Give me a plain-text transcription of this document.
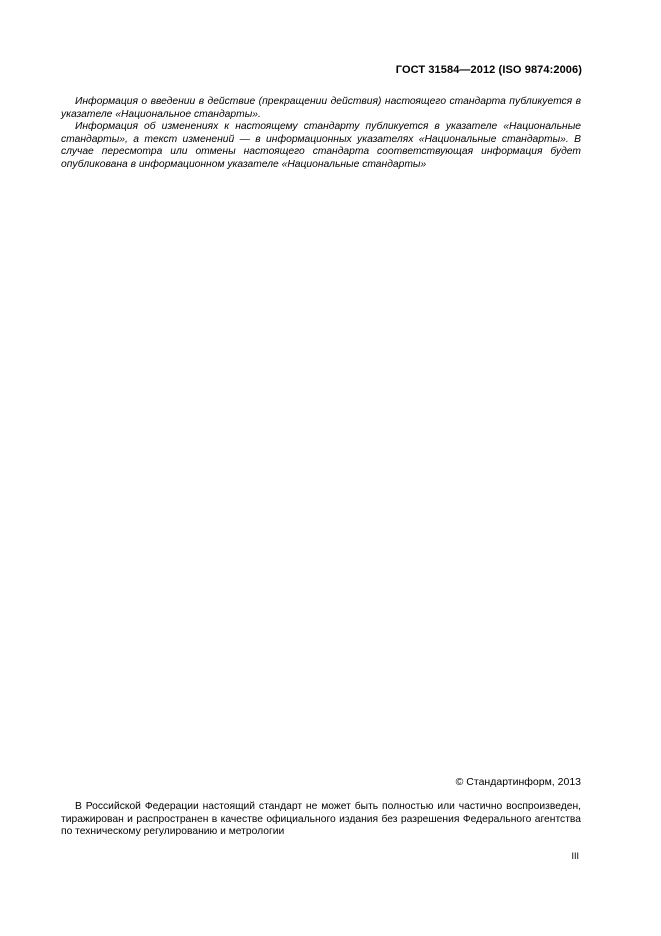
ГОСТ 31584—2012 (ISO 9874:2006)

Информация о введении в действие (прекращении действия) настоящего стандарта публикуется в указателе «Национальное стандарты».

Информация об изменениях к настоящему стандарту публикуется в указателе «Национальные стандарты», а текст изменений — в информационных указателях «Национальные стандарты». В случае пересмотра или отмены настоящего стандарта соответствующая информация будет опубликована в информационном указателе «Национальные стандарты»

© Стандартинформ, 2013

В Российской Федерации настоящий стандарт не может быть полностью или частично воспроизведен, тиражирован и распространен в качестве официального издания без разрешения Федерального агентства по техническому регулированию и метрологии

III
